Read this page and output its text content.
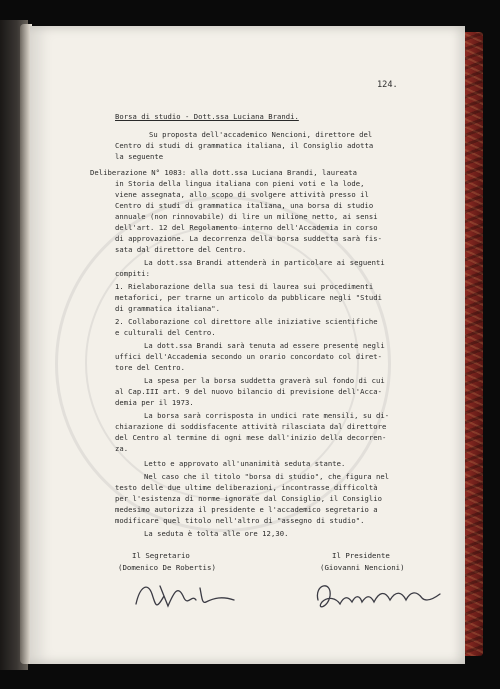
124.
Borsa di studio - Dott.ssa Luciana Brandi.
Su proposta dell'accademico Nencioni, direttore del
Centro di studi di grammatica italiana, il Consiglio adotta
la seguente
Deliberazione N° 1083: alla dott.ssa Luciana Brandi, laureata
in Storia della lingua italiana con pieni voti e la lode,
viene assegnata, allo scopo di svolgere attività presso il
Centro di studi di grammatica italiana, una borsa di studio
annuale (non rinnovabile) di lire un milione netto, ai sensi
dell'art. 12 del Regolamento interno dell'Accademia in corso
di approvazione. La decorrenza della borsa suddetta sarà fis-
sata dal direttore del Centro.
La dott.ssa Brandi attenderà in particolare ai seguenti
compiti:
1. Rielaborazione della sua tesi di laurea sui procedimenti
metaforici, per trarne un articolo da pubblicare negli "Studi
di grammatica italiana".
2. Collaborazione col direttore alle iniziative scientifiche
e culturali del Centro.
La dott.ssa Brandi sarà tenuta ad essere presente negli
uffici dell'Accademia secondo un orario concordato col diret-
tore del Centro.
La spesa per la borsa suddetta graverà sul fondo di cui
al Cap.III art. 9 del nuovo bilancio di previsione dell'Acca-
demia per il 1973.
La borsa sarà corrisposta in undici rate mensili, su di-
chiarazione di soddisfacente attività rilasciata dal direttore
del Centro al termine di ogni mese dall'inizio della decorren-
za.
Letto e approvato all'unanimità seduta stante.
Nel caso che il titolo "borsa di studio", che figura nel
testo delle due ultime deliberazioni, incontrasse difficoltà
per l'esistenza di norme ignorate dal Consiglio, il Consiglio
medesimo autorizza il presidente e l'accademico segretario a
modificare quel titolo nell'altro di "assegno di studio".
La seduta è tolta alle ore 12,30.
Il Segretario
(Domenico De Robertis)
Il Presidente
(Giovanni Nencioni)
